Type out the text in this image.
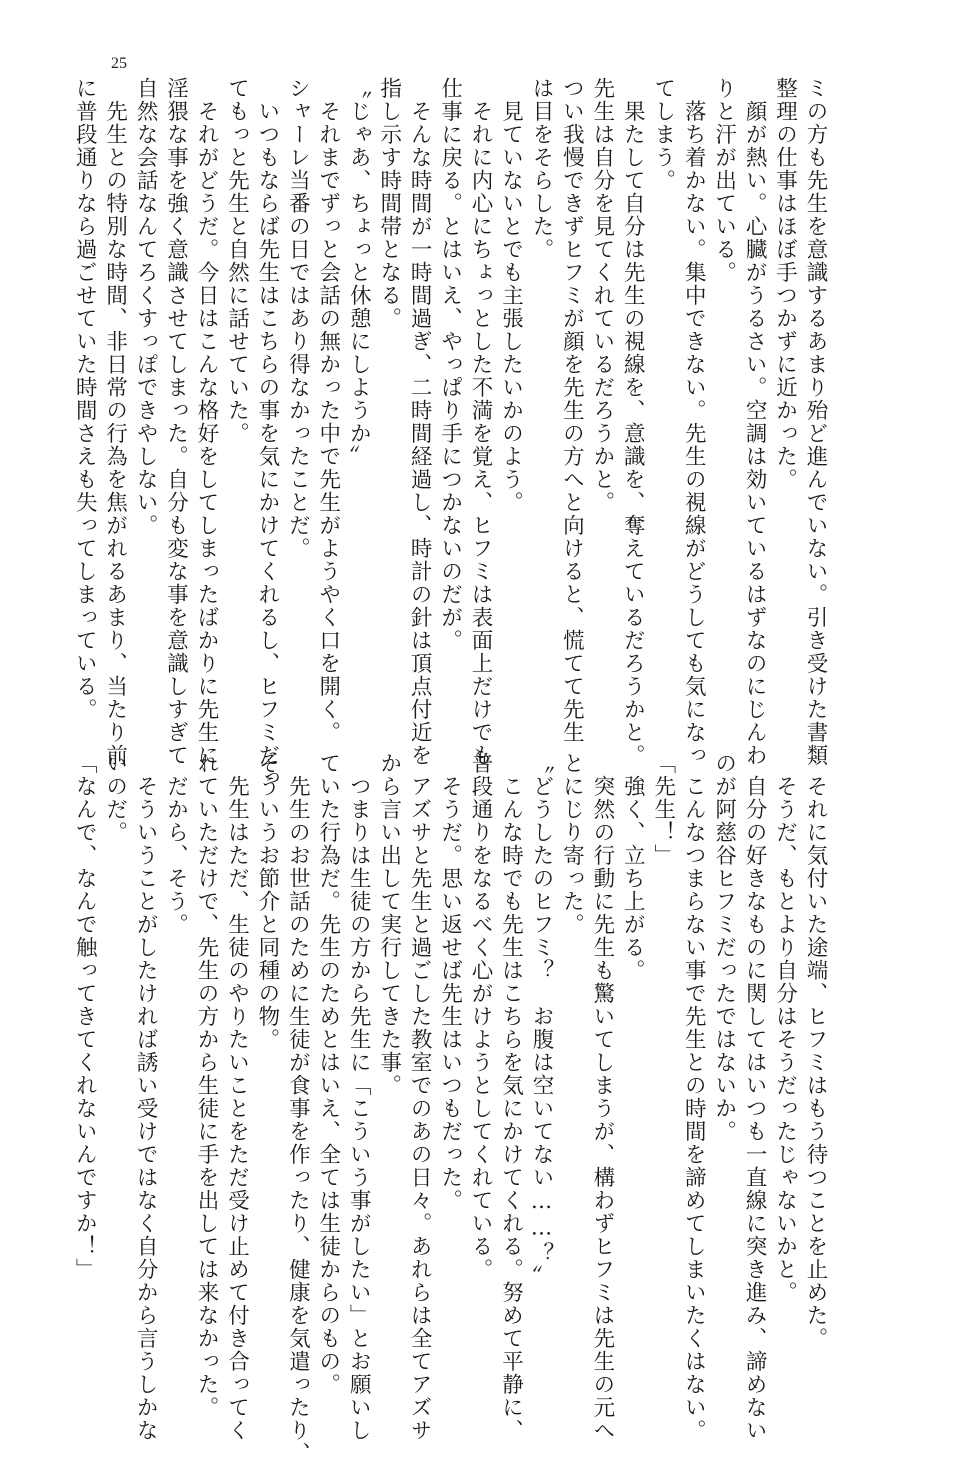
25
ミの方も先生を意識するあまり殆ど進んでいない。引き受けた書類
整理の仕事はほぼ手つかずに近かった。
　顔が熱い。心臓がうるさい。空調は効いているはずなのにじんわ
りと汗が出ている。
　落ち着かない。集中できない。先生の視線がどうしても気になっ
てしまう。
　果たして自分は先生の視線を、意識を、奪えているだろうかと。
先生は自分を見てくれているだろうかと。
つい我慢できずヒフミが顔を先生の方へと向けると、慌てて先生
は目をそらした。
　見ていないとでも主張したいかのよう。
　それに内心にちょっとした不満を覚え、ヒフミは表面上だけでも
仕事に戻る。とはいえ、やっぱり手につかないのだが。
　そんな時間が一時間過ぎ、二時間経過し、時計の針は頂点付近を
指し示す時間帯となる。
〝じゃあ、ちょっと休憩にしようか〟
　それまでずっと会話の無かった中で先生がようやく口を開く。
シャーレ当番の日ではあり得なかったことだ。
　いつもならば先生はこちらの事を気にかけてくれるし、ヒフミだっ
てもっと先生と自然に話せていた。
　それがどうだ。今日はこんな格好をしてしまったばかりに先生に
淫猥な事を強く意識させてしまった。自分も変な事を意識しすぎて
自然な会話なんてろくすっぽできやしない。
　先生との特別な時間、非日常の行為を焦がれるあまり、当たり前
に普段通りなら過ごせていた時間さえも失ってしまっている。
　それに気付いた途端、ヒフミはもう待つことを止めた。
　そうだ、もとより自分はそうだったじゃないかと。
　自分の好きなものに関してはいつも一直線に突き進み、諦めない
のが阿慈谷ヒフミだったではないか。
　こんなつまらない事で先生との時間を諦めてしまいたくはない。
「先生！」
　強く、立ち上がる。
　突然の行動に先生も驚いてしまうが、構わずヒフミは先生の元へ
とにじり寄った。
〝どうしたのヒフミ？　お腹は空いてない……？〟
　こんな時でも先生はこちらを気にかけてくれる。努めて平静に、
普段通りをなるべく心がけようとしてくれている。
　そうだ。思い返せば先生はいつもだった。
　アズサと先生と過ごした教室でのあの日々。あれらは全てアズサ
から言い出して実行してきた事。
　つまりは生徒の方から先生に「こういう事がしたい」とお願いし
ていた行為だ。先生のためとはいえ、全ては生徒からのもの。
　先生のお世話のために生徒が食事を作ったり、健康を気遣ったり、
そういうお節介と同種の物。
　先生はただ、生徒のやりたいことをただ受け止めて付き合ってく
れていただけで、先生の方から生徒に手を出しては来なかった。
　だから、そう。
　そういうことがしたければ誘い受けではなく自分から言うしかな
いのだ。
「なんで、なんで触ってきてくれないんですか！」
